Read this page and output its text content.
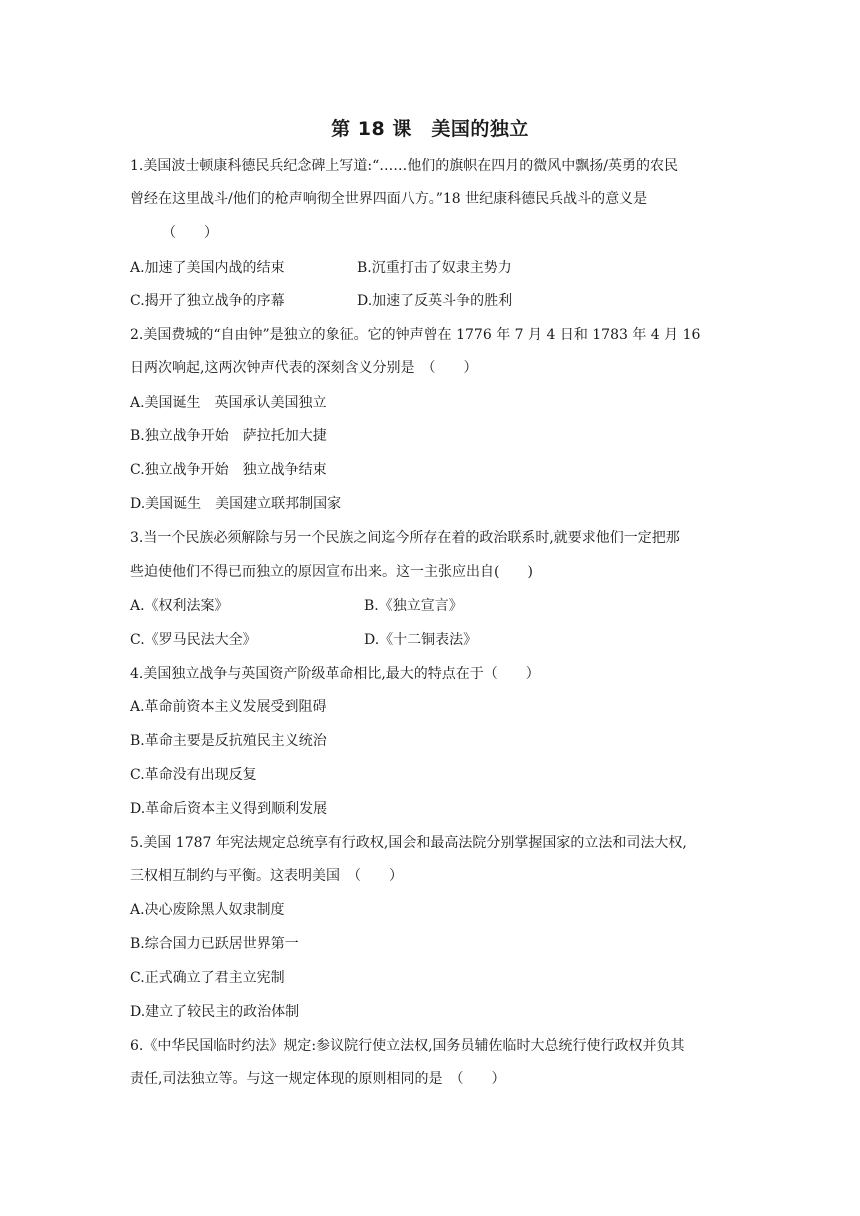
第 18 课　美国的独立
1.美国波士顿康科德民兵纪念碑上写道:“……他们的旗帜在四月的微风中飘扬/英勇的农民
曾经在这里战斗/他们的枪声响彻全世界四面八方。”18 世纪康科德民兵战斗的意义是
（　　）
A.加速了美国内战的结束	B.沉重打击了奴隶主势力
C.揭开了独立战争的序幕	D.加速了反英斗争的胜利
2.美国费城的“自由钟”是独立的象征。它的钟声曾在 1776 年 7 月 4 日和 1783 年 4 月 16
日两次响起,这两次钟声代表的深刻含义分别是　（　　）
A.美国诞生　英国承认美国独立
B.独立战争开始　萨拉托加大捷
C.独立战争开始　独立战争结束
D.美国诞生　美国建立联邦制国家
3.当一个民族必须解除与另一个民族之间迄今所存在着的政治联系时,就要求他们一定把那
些迫使他们不得已而独立的原因宣布出来。这一主张应出自(　　)
A.《权利法案》	B.《独立宣言》
C.《罗马民法大全》	D.《十二铜表法》
4.美国独立战争与英国资产阶级革命相比,最大的特点在于（　　）
A.革命前资本主义发展受到阻碍
B.革命主要是反抗殖民主义统治
C.革命没有出现反复
D.革命后资本主义得到顺利发展
5.美国 1787 年宪法规定总统享有行政权,国会和最高法院分别掌握国家的立法和司法大权,
三权相互制约与平衡。这表明美国　（　　）
A.决心废除黑人奴隶制度
B.综合国力已跃居世界第一
C.正式确立了君主立宪制
D.建立了较民主的政治体制
6.《中华民国临时约法》规定:参议院行使立法权,国务员辅佐临时大总统行使行政权并负其
责任,司法独立等。与这一规定体现的原则相同的是　（　　）
